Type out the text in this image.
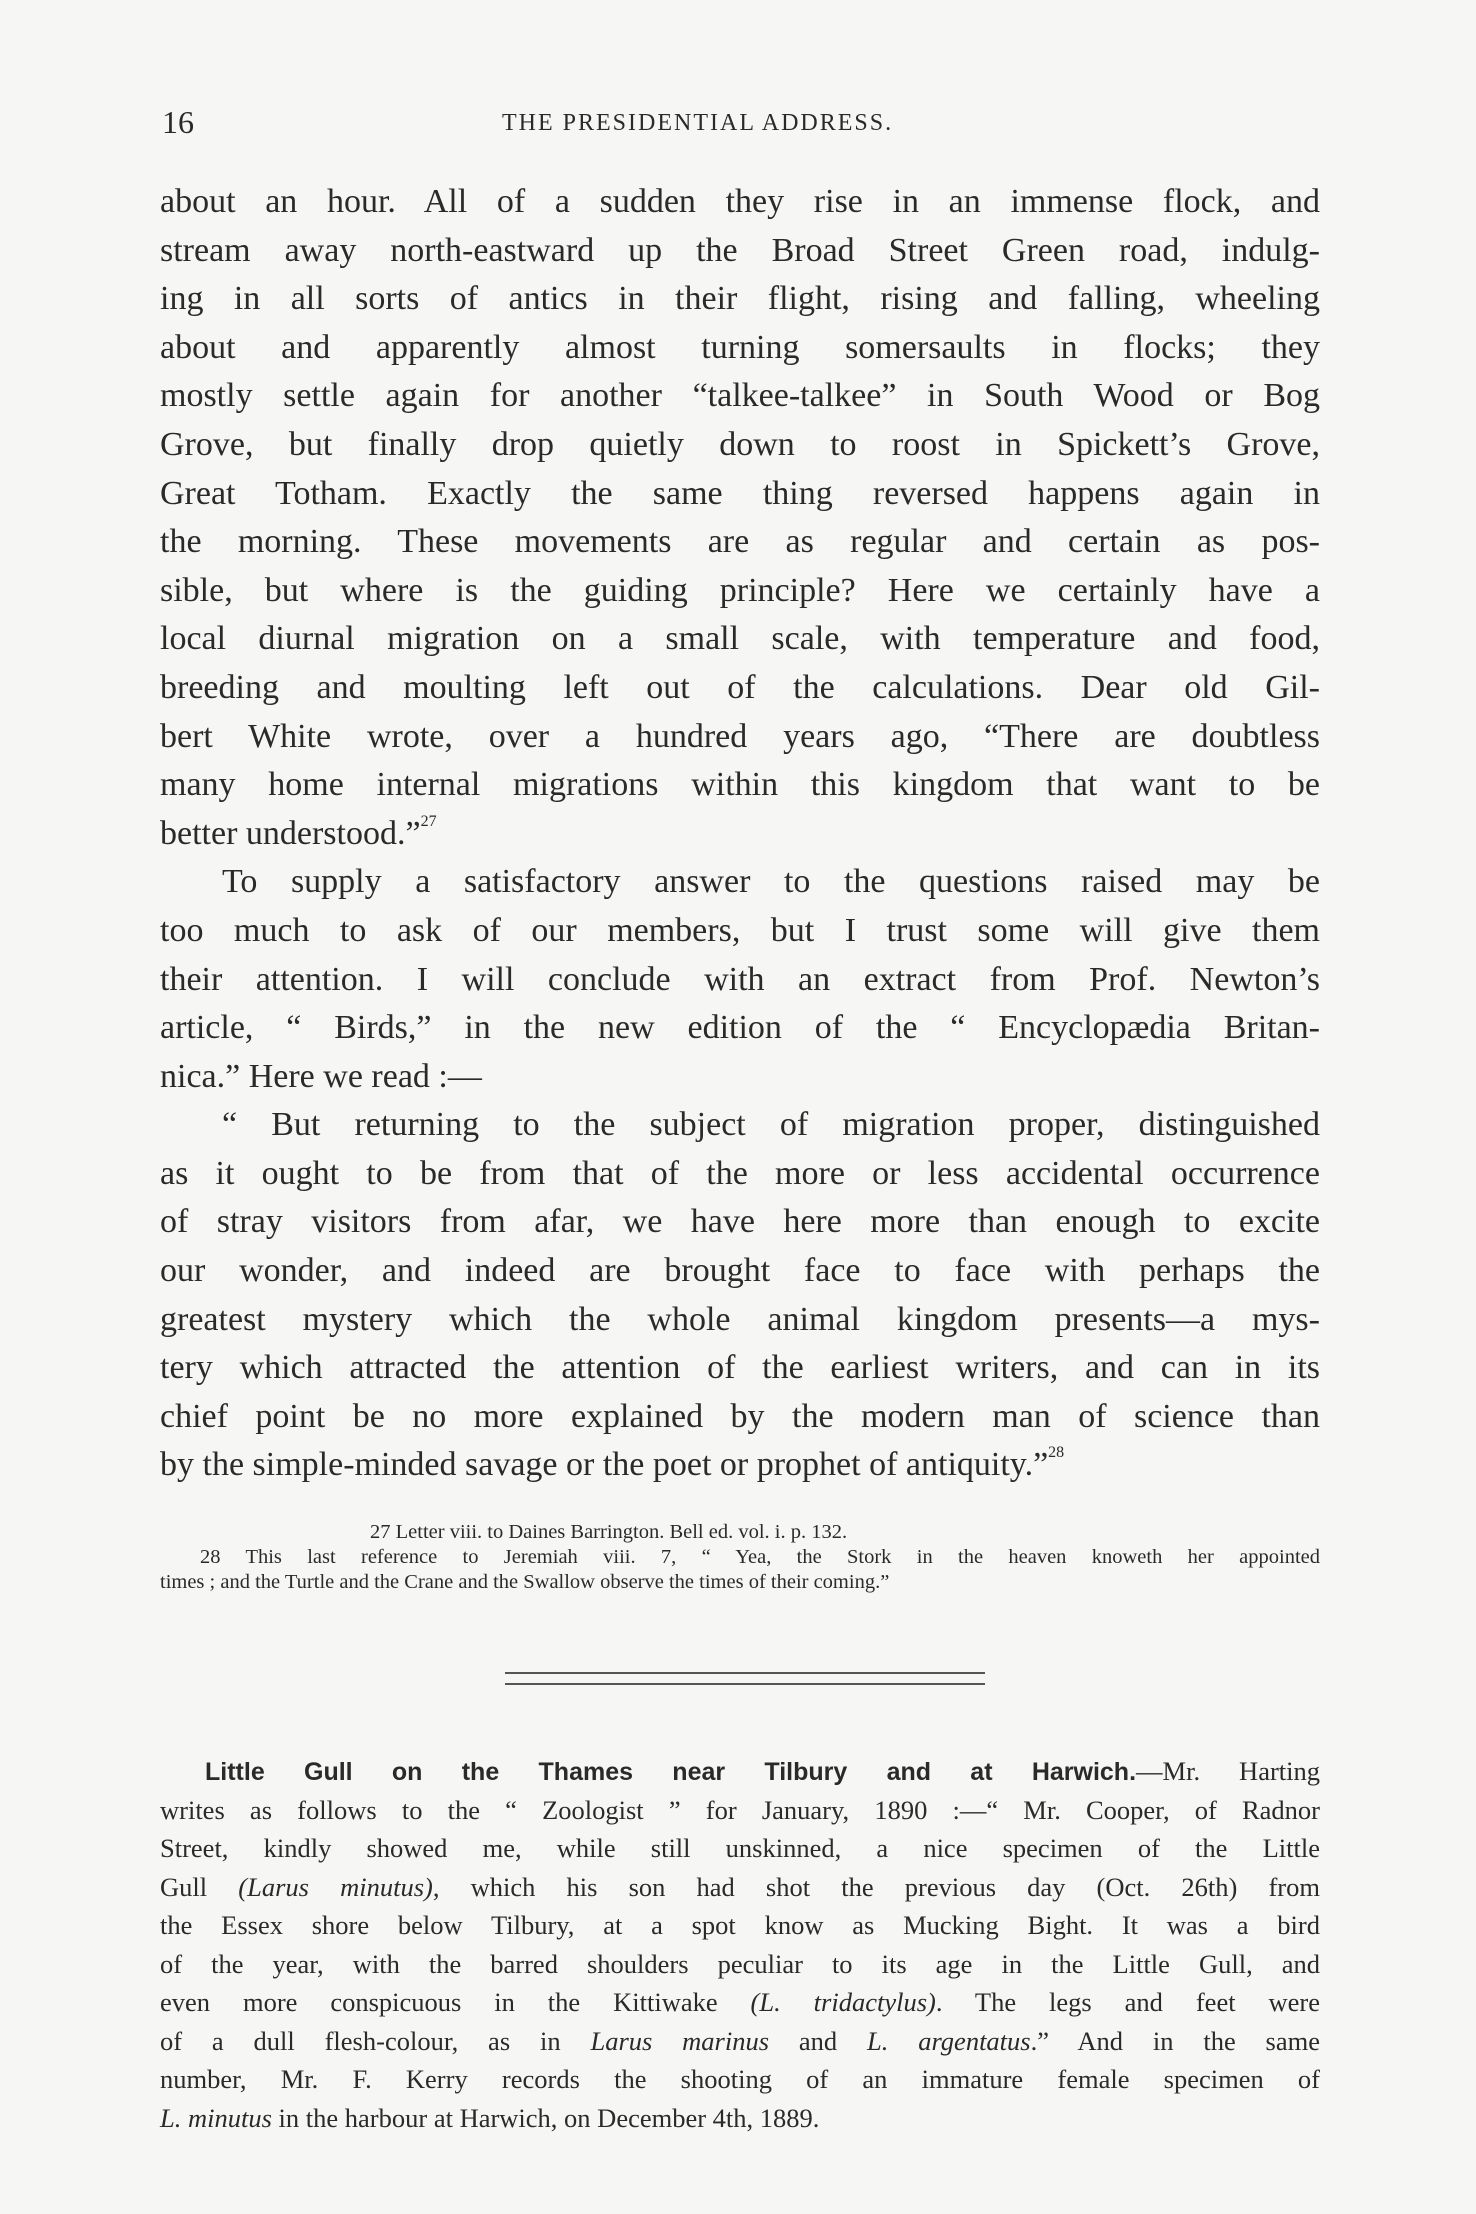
16	THE PRESIDENTIAL ADDRESS.
about an hour. All of a sudden they rise in an immense flock, and
stream away north-eastward up the Broad Street Green road, indulg-
ing in all sorts of antics in their flight, rising and falling, wheeling
about and apparently almost turning somersaults in flocks; they
mostly settle again for another “talkee-talkee” in South Wood or Bog
Grove, but finally drop quietly down to roost in Spickett’s Grove,
Great Totham. Exactly the same thing reversed happens again in
the morning. These movements are as regular and certain as pos-
sible, but where is the guiding principle? Here we certainly have a
local diurnal migration on a small scale, with temperature and food,
breeding and moulting left out of the calculations. Dear old Gil-
bert White wrote, over a hundred years ago, “There are doubtless
many home internal migrations within this kingdom that want to be
better understood.”$^{27}$
To supply a satisfactory answer to the questions raised may be
too much to ask of our members, but I trust some will give them
their attention. I will conclude with an extract from Prof. Newton’s
article, “ Birds,” in the new edition of the “ Encyclopædia Britan-
nica.” Here we read :—
“ But returning to the subject of migration proper, distinguished
as it ought to be from that of the more or less accidental occurrence
of stray visitors from afar, we have here more than enough to excite
our wonder, and indeed are brought face to face with perhaps the
greatest mystery which the whole animal kingdom presents—a mys-
tery which attracted the attention of the earliest writers, and can in its
chief point be no more explained by the modern man of science than
by the simple-minded savage or the poet or prophet of antiquity.”$^{28}$
27 Letter viii. to Daines Barrington. Bell ed. vol. i. p. 132.
28 This last reference to Jeremiah viii. 7, “ Yea, the Stork in the heaven knoweth her appointed
times ; and the Turtle and the Crane and the Swallow observe the times of their coming.”
Little Gull on the Thames near Tilbury and at Harwich.—Mr. Harting
writes as follows to the “ Zoologist ” for January, 1890 :—“ Mr. Cooper, of Radnor
Street, kindly showed me, while still unskinned, a nice specimen of the Little
Gull (Larus minutus), which his son had shot the previous day (Oct. 26th) from
the Essex shore below Tilbury, at a spot know as Mucking Bight. It was a bird
of the year, with the barred shoulders peculiar to its age in the Little Gull, and
even more conspicuous in the Kittiwake (L. tridactylus). The legs and feet were
of a dull flesh-colour, as in Larus marinus and L. argentatus.” And in the same
number, Mr. F. Kerry records the shooting of an immature female specimen of
L. minutus in the harbour at Harwich, on December 4th, 1889.
